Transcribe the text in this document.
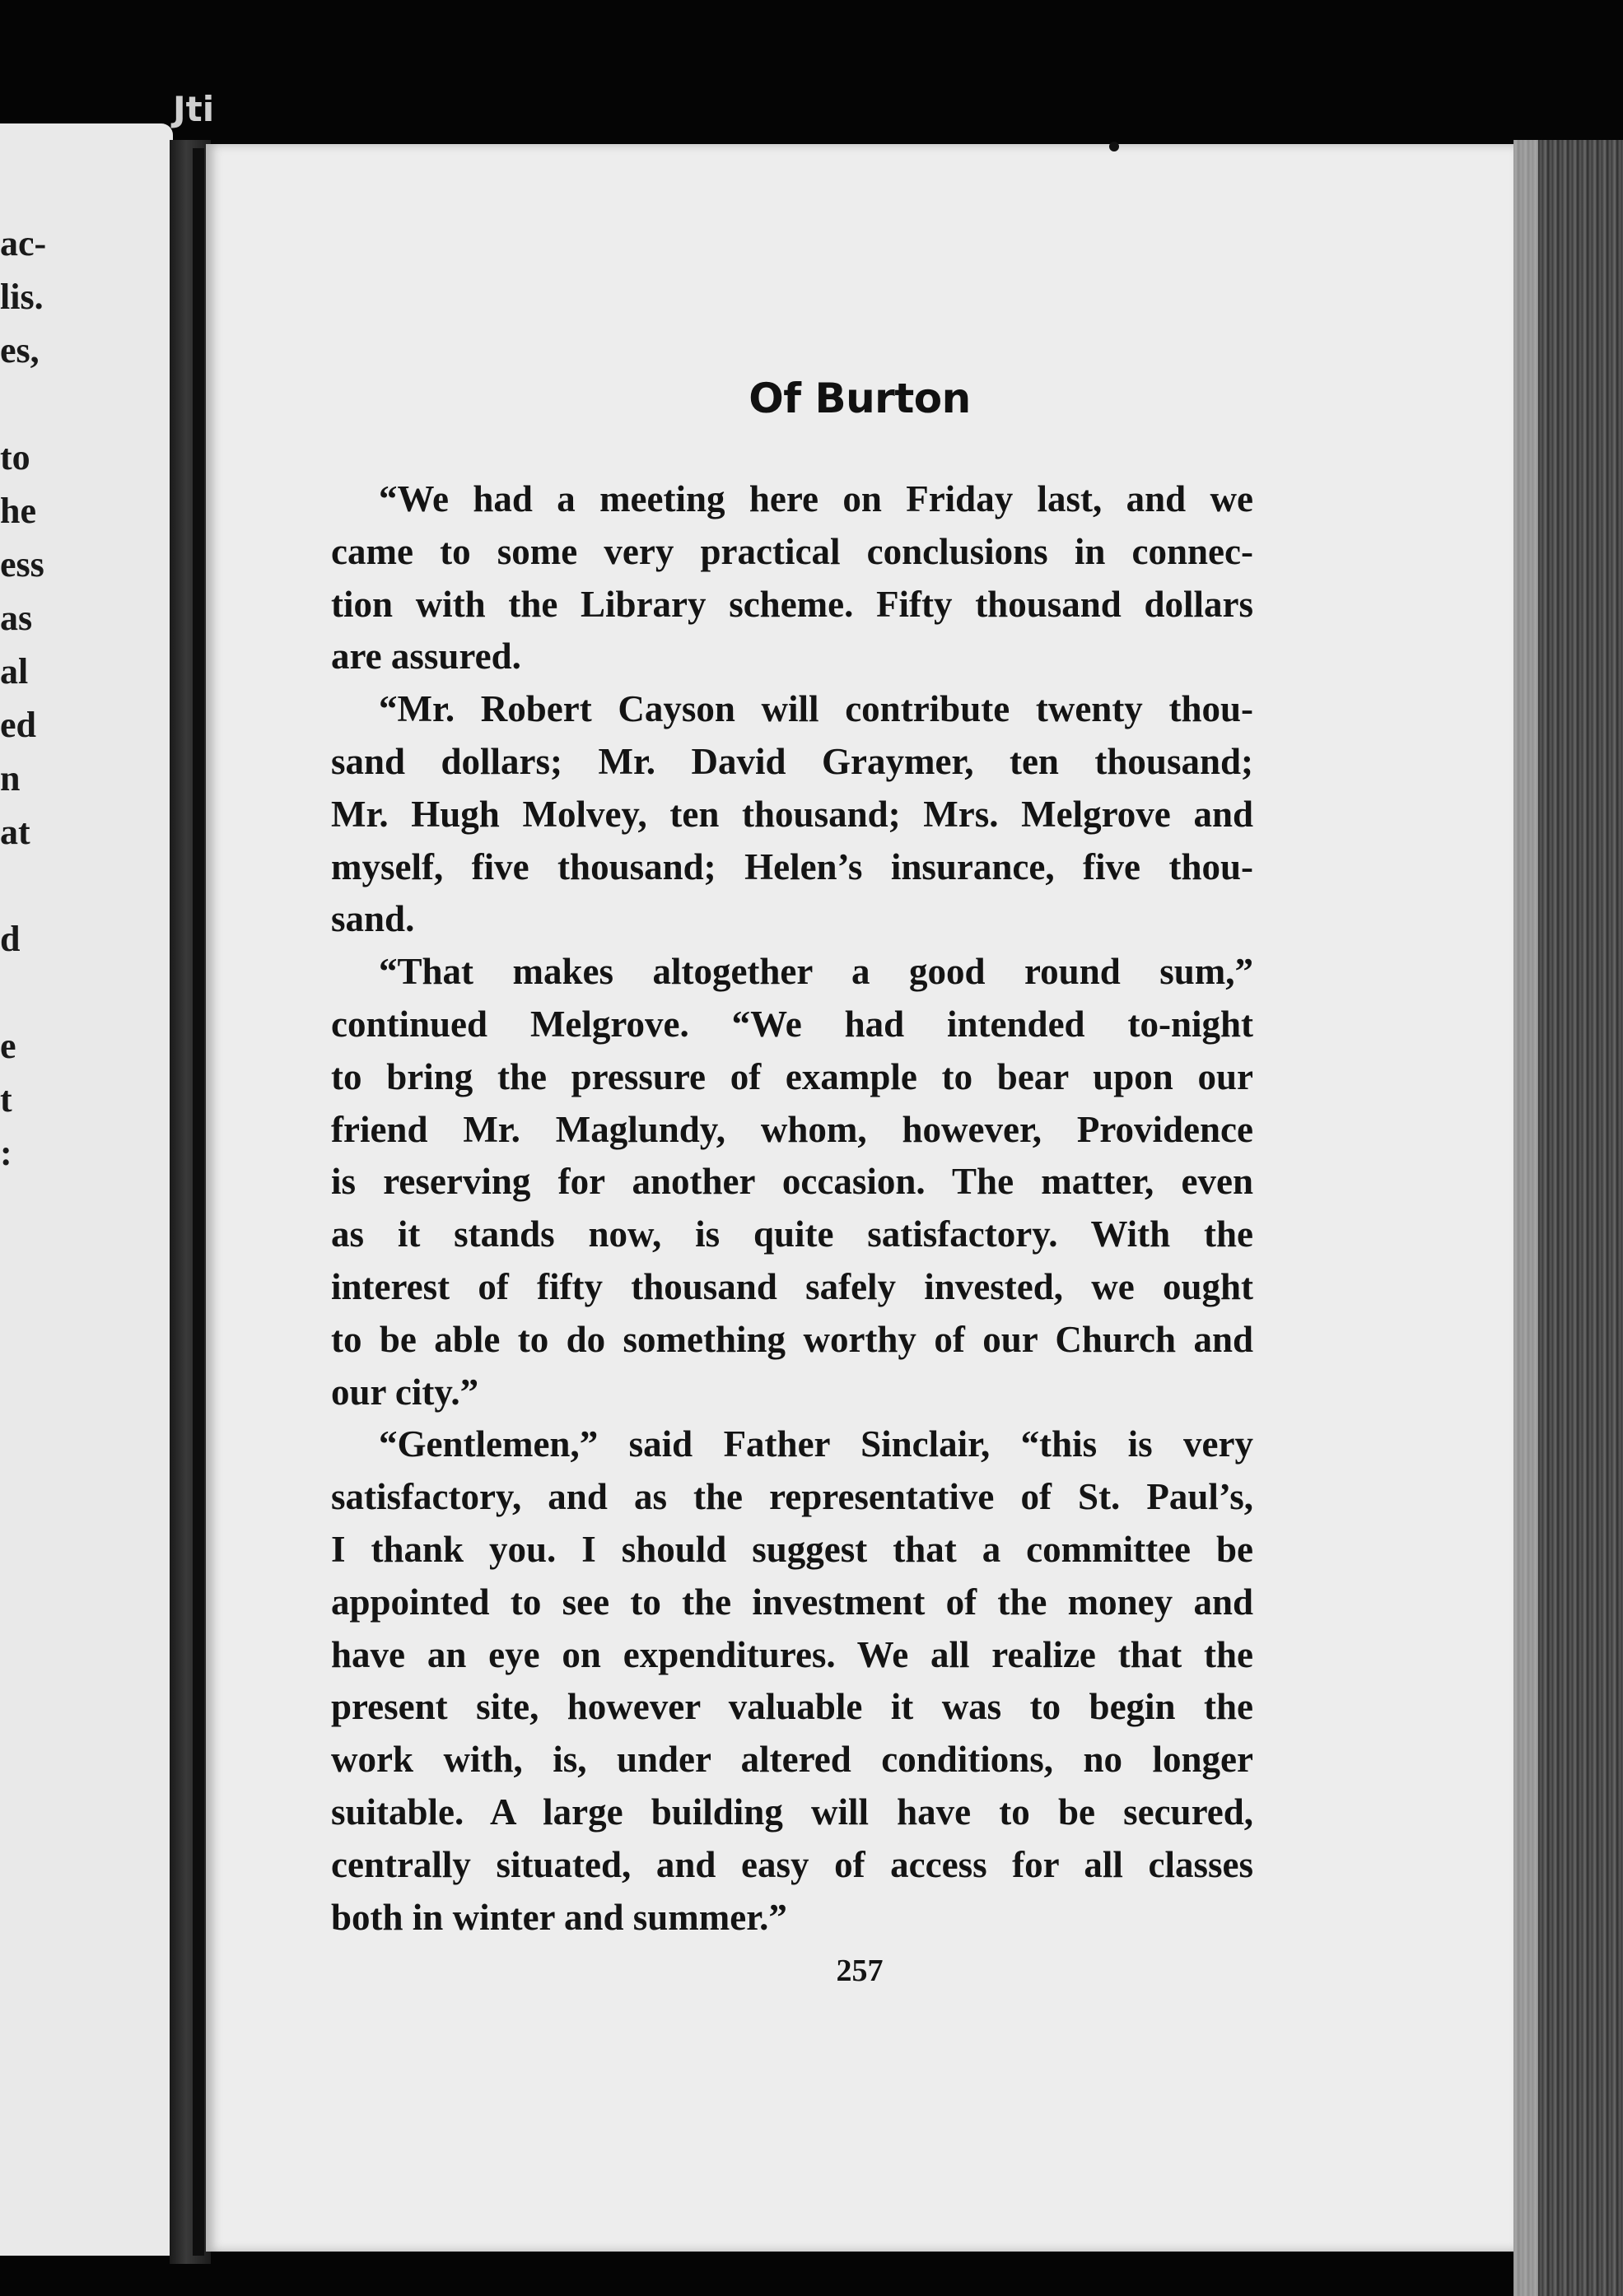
Jti
ac-
lis.
es,
to
he
ess
as
al
ed
n
at
d
e
t
:
Of Burton
“We had a meeting here on Friday last, and we
came to some very practical conclusions in connec-
tion with the Library scheme. Fifty thousand dollars
are assured.
“Mr. Robert Cayson will contribute twenty thou-
sand dollars; Mr. David Graymer, ten thousand;
Mr. Hugh Molvey, ten thousand; Mrs. Melgrove and
myself, five thousand; Helen’s insurance, five thou-
sand.
“That makes altogether a good round sum,”
continued Melgrove. “We had intended to-night
to bring the pressure of example to bear upon our
friend Mr. Maglundy, whom, however, Providence
is reserving for another occasion. The matter, even
as it stands now, is quite satisfactory. With the
interest of fifty thousand safely invested, we ought
to be able to do something worthy of our Church and
our city.”
“Gentlemen,” said Father Sinclair, “this is very
satisfactory, and as the representative of St. Paul’s,
I thank you. I should suggest that a committee be
appointed to see to the investment of the money and
have an eye on expenditures. We all realize that the
present site, however valuable it was to begin the
work with, is, under altered conditions, no longer
suitable. A large building will have to be secured,
centrally situated, and easy of access for all classes
both in winter and summer.”
257
